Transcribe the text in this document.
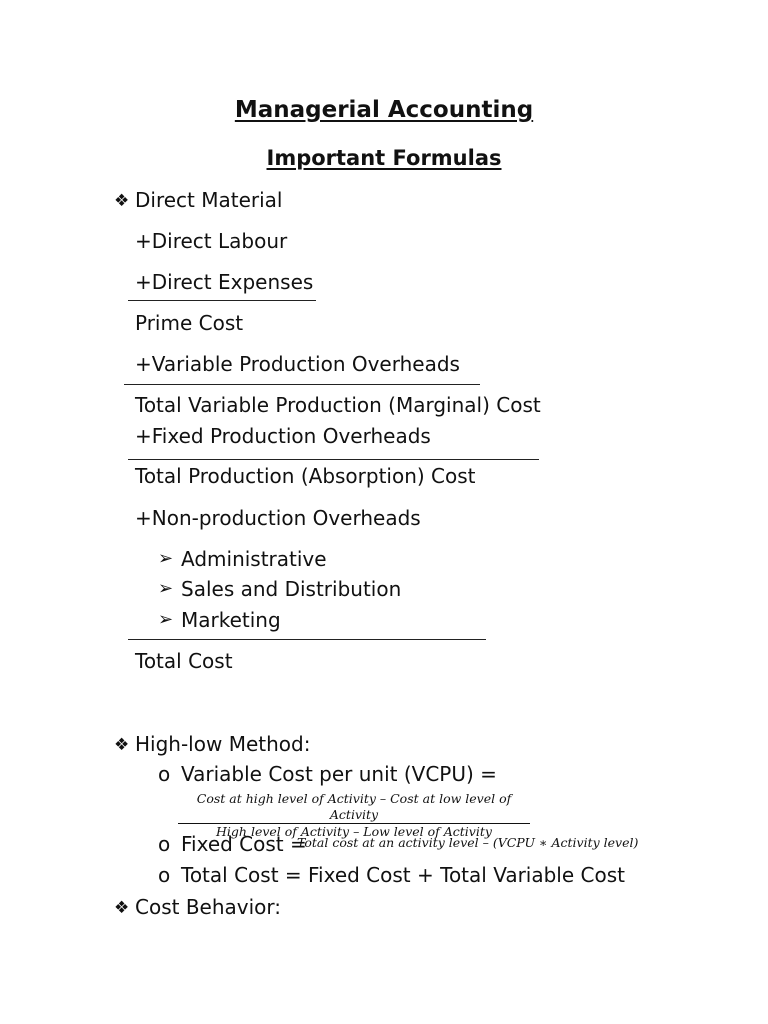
Managerial Accounting
Important Formulas
❖ Direct Material
+Direct Labour
+Direct Expenses
Prime Cost
+Variable Production Overheads
Total Variable Production (Marginal) Cost
+Fixed Production Overheads
Total Production (Absorption) Cost
+Non-production Overheads
➢ Administrative
➢ Sales and Distribution
➢ Marketing
Total Cost
❖ High-low Method:
o Variable Cost per unit (VCPU) =
Cost at high level of Activity – Cost at low level of Activity
High level of Activity – Low level of Activity
o Fixed Cost =
Total cost at an activity level – (VCPU ∗ Activity level)
o Total Cost = Fixed Cost + Total Variable Cost
❖ Cost Behavior:
